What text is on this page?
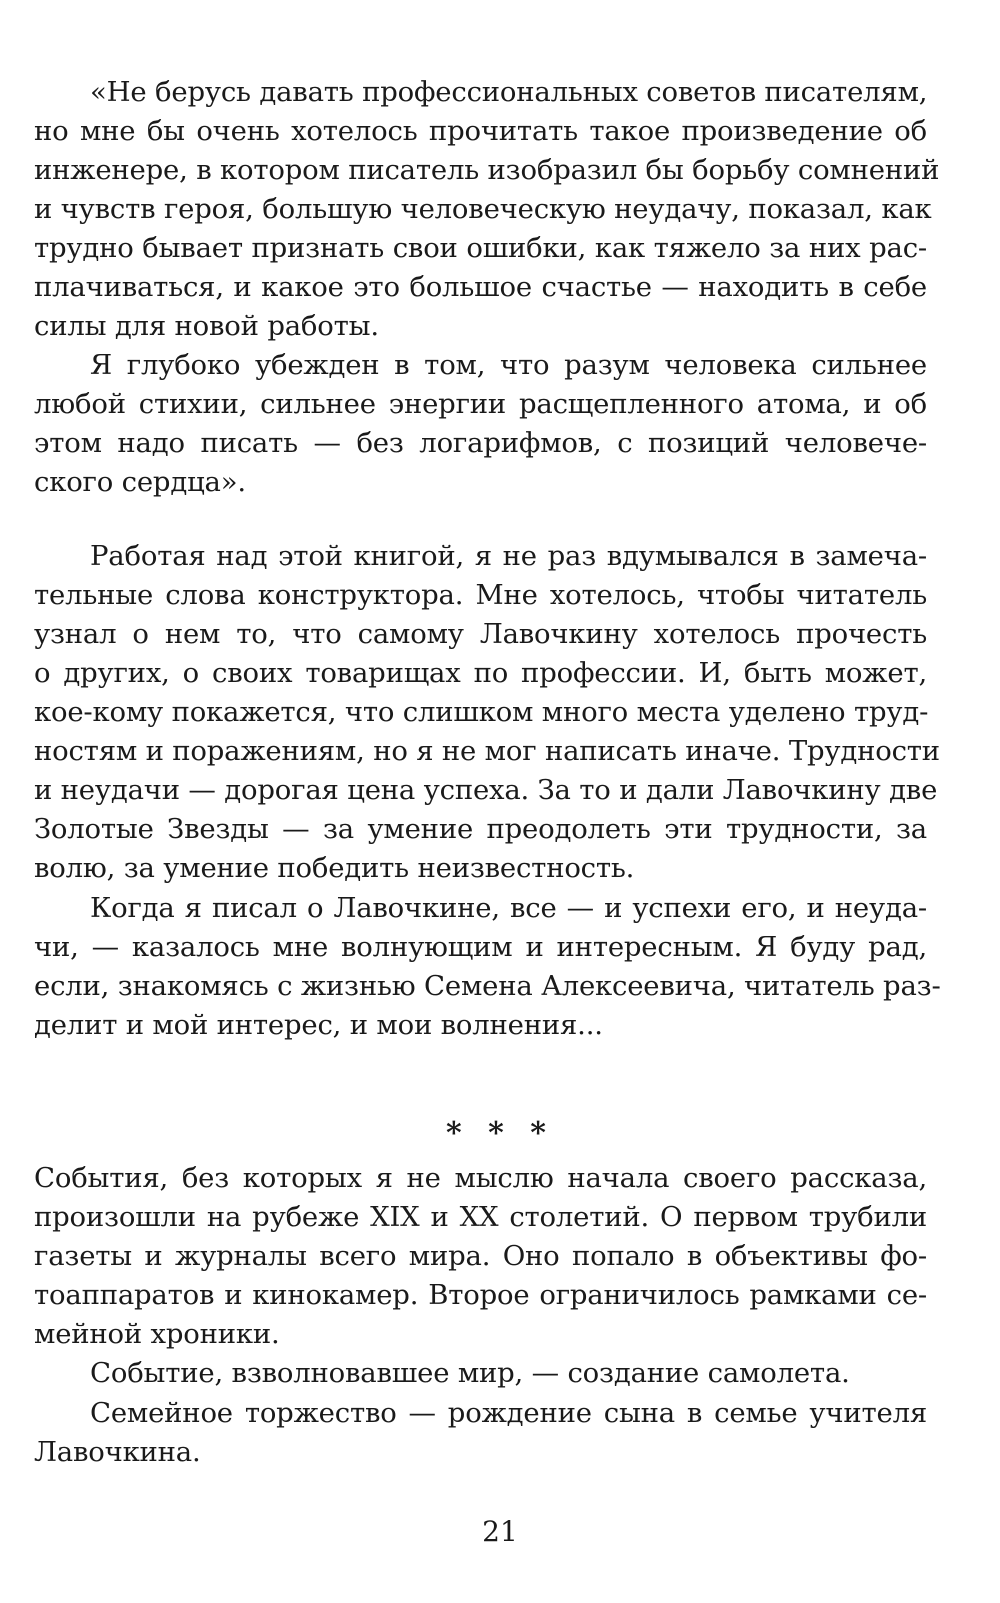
«Не берусь давать профессиональных советов писателям,
но мне бы очень хотелось прочитать такое произведение об
инженере, в котором писатель изобразил бы борьбу сомнений
и чувств героя, большую человеческую неудачу, показал, как
трудно бывает признать свои ошибки, как тяжело за них рас-
плачиваться, и какое это большое счастье — находить в себе
силы для новой работы.
Я глубоко убежден в том, что разум человека сильнее
любой стихии, сильнее энергии расщепленного атома, и об
этом надо писать — без логарифмов, с позиций человече-
ского сердца».
Работая над этой книгой, я не раз вдумывался в замеча-
тельные слова конструктора. Мне хотелось, чтобы читатель
узнал о нем то, что самому Лавочкину хотелось прочесть
о других, о своих товарищах по профессии. И, быть может,
кое-кому покажется, что слишком много места уделено труд-
ностям и поражениям, но я не мог написать иначе. Трудности
и неудачи — дорогая цена успеха. За то и дали Лавочкину две
Золотые Звезды — за умение преодолеть эти трудности, за
волю, за умение победить неизвестность.
Когда я писал о Лавочкине, все — и успехи его, и неуда-
чи, — казалось мне волнующим и интересным. Я буду рад,
если, знакомясь с жизнью Семена Алексеевича, читатель раз-
делит и мой интерес, и мои волнения...
* * *
События, без которых я не мыслю начала своего рассказа,
произошли на рубеже XIX и XX столетий. О первом трубили
газеты и журналы всего мира. Оно попало в объективы фо-
тоаппаратов и кинокамер. Второе ограничилось рамками се-
мейной хроники.
Событие, взволновавшее мир, — создание самолета.
Семейное торжество — рождение сына в семье учителя
Лавочкина.
21
